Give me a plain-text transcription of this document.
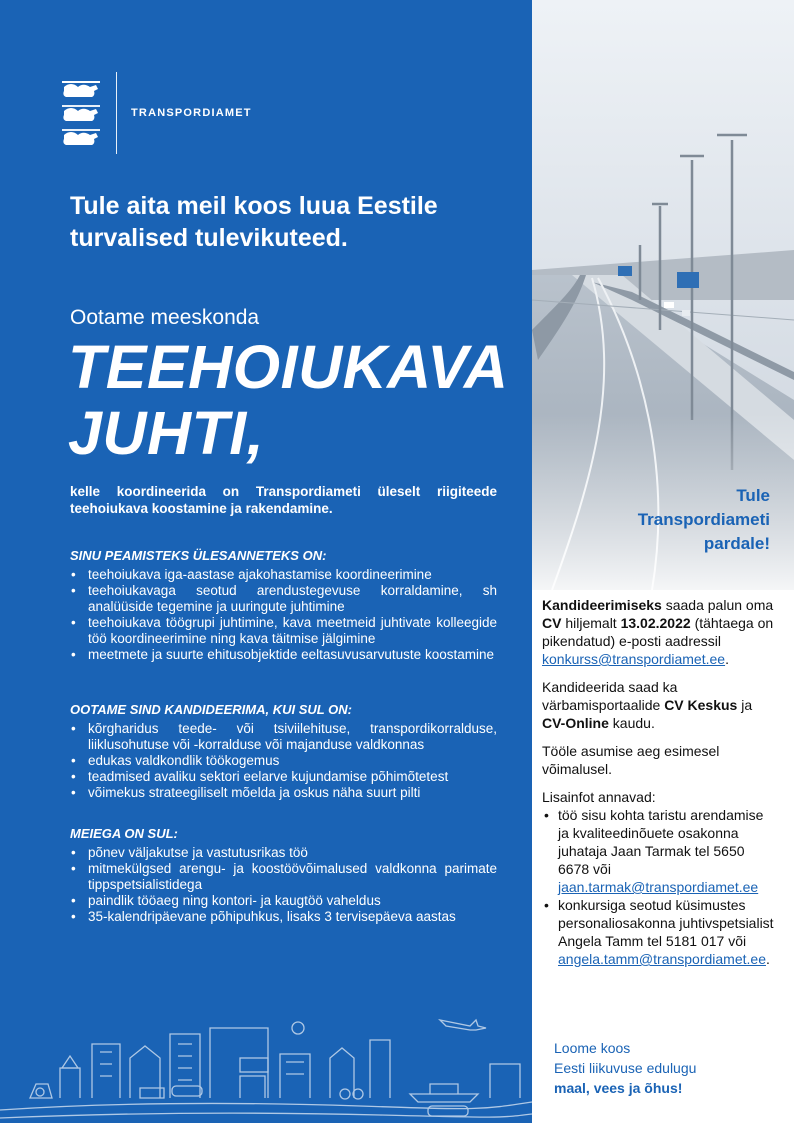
TRANSPORDIAMET
Tule aita meil koos luua Eestile
turvalised tulevikuteed.
Ootame meeskonda
TEEHOIUKAVA
JUHTI,
kelle koordineerida on Transpordiameti üleselt riigiteede teehoiukava koostamine ja rakendamine.
SINU PEAMISTEKS ÜLESANNETEKS ON:
• teehoiukava iga-aastase ajakohastamise koordineerimine
• teehoiukavaga seotud arendustegevuse korraldamine, sh analüüside tegemine ja uuringute juhtimine
• teehoiukava töögrupi juhtimine, kava meetmeid juhtivate kolleegide töö koordineerimine ning kava täitmise jälgimine
• meetmete ja suurte ehitusobjektide eeltasuvusarvutuste koostamine
OOTAME SIND KANDIDEERIMA, KUI SUL ON:
• kõrgharidus teede- või tsiviilehituse, transpordikorralduse, liiklusohutuse või -korralduse või majanduse valdkonnas
• edukas valdkondlik töökogemus
• teadmised avaliku sektori eelarve kujundamise põhimõtetest
• võimekus strateegiliselt mõelda ja oskus näha suurt pilti
MEIEGA ON SUL:
• põnev väljakutse ja vastutusrikas töö
• mitmekülgsed arengu- ja koostöövõimalused valdkonna parimate tippspetsialistidega
• paindlik tööaeg ning kontori- ja kaugtöö vaheldus
• 35-kalendripäevane põhipuhkus, lisaks 3 tervisepäeva aastas
Tule
Transpordiameti
pardale!

Kandideerimiseks saada palun oma CV hiljemalt 13.02.2022 (tähtaega on pikendatud) e-posti aadressil konkurss@transpordiamet.ee.

Kandideerida saad ka värbamisportaalide CV Keskus ja CV-Online kaudu.

Tööle asumise aeg esimesel võimalusel.

Lisainfot annavad:
• töö sisu kohta taristu arendamise ja kvaliteedinõuete osakonna juhataja Jaan Tarmak tel 5650 6678 või jaan.tarmak@transpordiamet.ee
• konkursiga seotud küsimustes personaliosakonna juhtivspetsialist Angela Tamm tel 5181 017 või angela.tamm@transpordiamet.ee.
Loome koos
Eesti liikuvuse edulugu
maal, vees ja õhus!
